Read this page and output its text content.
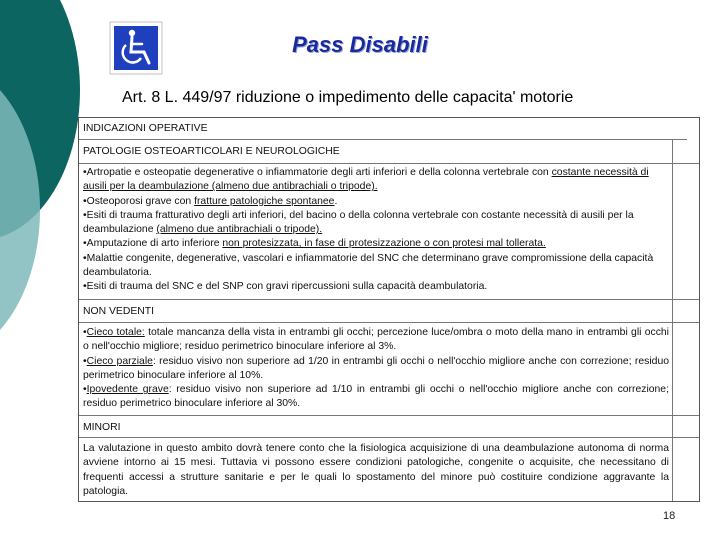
Pass Disabili
Art. 8 L. 449/97 riduzione o impedimento delle capacita' motorie
INDICAZIONI OPERATIVE
PATOLOGIE OSTEOARTICOLARI E NEUROLOGICHE
•Artropatie e osteopatie degenerative o infiammatorie degli arti inferiori e della colonna vertebrale con costante necessità di ausili per la deambulazione (almeno due antibrachiali o tripode).
•Osteoporosi grave con fratture patologiche spontanee.
•Esiti di trauma fratturativo degli arti inferiori, del bacino o della colonna vertebrale con costante necessità di ausili per la deambulazione (almeno due antibrachiali o tripode).
•Amputazione di arto inferiore non protesizzata, in fase di protesizzazione o con protesi mal tollerata.
•Malattie congenite, degenerative, vascolari e infiammatorie del SNC che determinano grave compromissione della capacità deambulatoria.
•Esiti di trauma del SNC e del SNP con gravi ripercussioni sulla capacità deambulatoria.
NON VEDENTI
•Cieco totale: totale mancanza della vista in entrambi gli occhi; percezione luce/ombra o moto della mano in entrambi gli occhi o nell'occhio migliore; residuo perimetrico binoculare inferiore al 3%.
•Cieco parziale: residuo visivo non superiore ad 1/20 in entrambi gli occhi o nell'occhio migliore anche con correzione; residuo perimetrico binoculare inferiore al 10%.
•Ipovedente grave: residuo visivo non superiore ad 1/10 in entrambi gli occhi o nell'occhio migliore anche con correzione; residuo perimetrico binoculare inferiore al 30%.
MINORI
La valutazione in questo ambito dovrà tenere conto che la fisiologica acquisizione di una deambulazione autonoma di norma avviene intorno ai 15 mesi. Tuttavia vi possono essere condizioni patologiche, congenite o acquisite, che necessitano di frequenti accessi a strutture sanitarie e per le quali lo spostamento del minore può costituire condizione aggravante la patologia.
18
